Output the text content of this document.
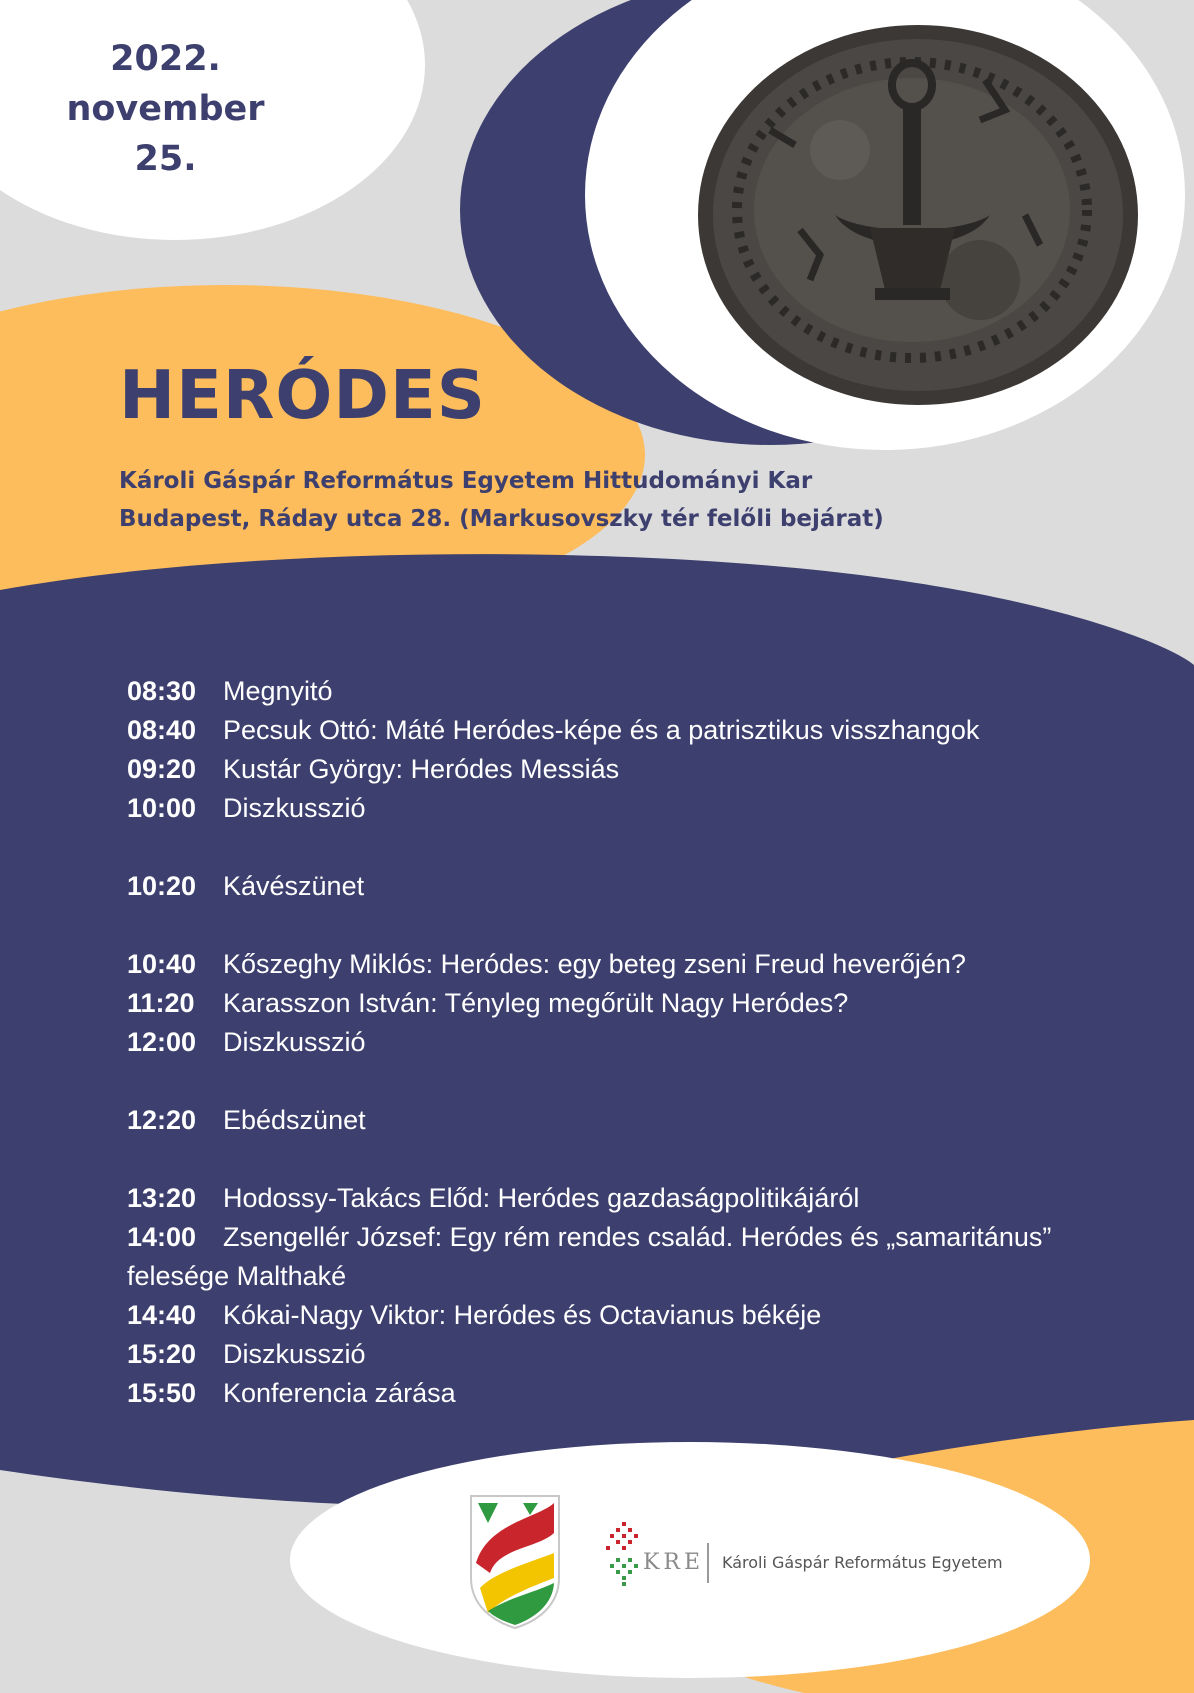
2022.
november 25.
HERÓDES
Károli Gáspár Református Egyetem Hittudományi Kar
Budapest, Ráday utca 28. (Markusovszky tér felőli bejárat)
08:30 Megnyitó
08:40 Pecsuk Ottó: Máté Heródes-képe és a patrisztikus visszhangok
09:20 Kustár György: Heródes Messiás
10:00 Diszkusszió
10:20 Kávészünet
10:40 Kőszeghy Miklós: Heródes: egy beteg zseni Freud heverőjén?
11:20 Karasszon István: Tényleg megőrült Nagy Heródes?
12:00 Diszkusszió
12:20 Ebédszünet
13:20 Hodossy-Takács Előd: Heródes gazdaságpolitikájáról
14:00 Zsengellér József: Egy rém rendes család. Heródes és „samaritánus” felesége Malthaké
14:40 Kókai-Nagy Viktor: Heródes és Octavianus békéje
15:20 Diszkusszió
15:50 Konferencia zárása
KRE Károli Gáspár Református Egyetem
